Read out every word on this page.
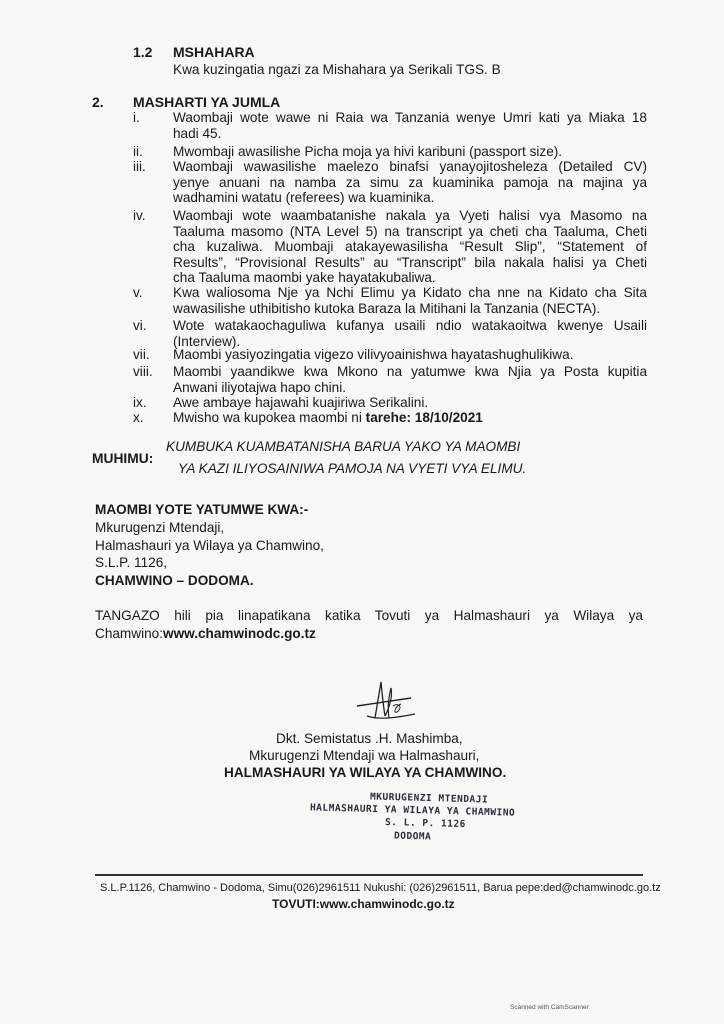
1.2 MSHAHARA
Kwa kuzingatia ngazi za Mishahara ya Serikali TGS. B
2. MASHARTI YA JUMLA
i.	Waombaji wote wawe ni Raia wa Tanzania wenye Umri kati ya Miaka 18
hadi 45.
ii.	Mwombaji awasilishe Picha moja ya hivi karibuni (passport size).
iii.	Waombaji wawasilishe maelezo binafsi yanayojitosheleza (Detailed CV)
yenye anuani na namba za simu za kuaminika pamoja na majina ya
wadhamini watatu (referees) wa kuaminika.
iv.	Waombaji wote waambatanishe nakala ya Vyeti halisi vya Masomo na
Taaluma masomo (NTA Level 5) na transcript ya cheti cha Taaluma, Cheti
cha kuzaliwa. Muombaji atakayewasilisha “Result Slip”, “Statement of
Results”, “Provisional Results” au “Transcript” bila nakala halisi ya Cheti
cha Taaluma maombi yake hayatakubaliwa.
v.	Kwa waliosoma Nje ya Nchi Elimu ya Kidato cha nne na Kidato cha Sita
wawasilishe uthibitisho kutoka Baraza la Mitihani la Tanzania (NECTA).
vi.	Wote watakaochaguliwa kufanya usaili ndio watakaoitwa kwenye Usaili
(Interview).
vii.	Maombi yasiyozingatia vigezo vilivyoainishwa hayatashughulikiwa.
viii.	Maombi yaandikwe kwa Mkono na yatumwe kwa Njia ya Posta kupitia
Anwani iliyotajwa hapo chini.
ix.	Awe ambaye hajawahi kuajiriwa Serikalini.
x.	Mwisho wa kupokea maombi ni tarehe: 18/10/2021
MUHIMU:
KUMBUKA KUAMBATANISHA BARUA YAKO YA MAOMBI
YA KAZI ILIYOSAINIWA PAMOJA NA VYETI VYA ELIMU.
MAOMBI YOTE YATUMWE KWA:-
Mkurugenzi Mtendaji,
Halmashauri ya Wilaya ya Chamwino,
S.L.P. 1126,
CHAMWINO – DODOMA.
TANGAZO hili pia linapatikana katika Tovuti ya Halmashauri ya Wilaya ya
Chamwino:www.chamwinodc.go.tz
Dkt. Semistatus .H. Mashimba,
Mkurugenzi Mtendaji wa Halmashauri,
HALMASHAURI YA WILAYA YA CHAMWINO.
MKURUGENZI MTENDAJI
HALMASHAURI YA WILAYA YA CHAMWINO
S. L. P. 1126
DODOMA
S.L.P.1126, Chamwino - Dodoma, Simu(026)2961511 Nukushi: (026)2961511, Barua pepe:ded@chamwinodc.go.tz
TOVUTI:www.chamwinodc.go.tz
Scanned with CamScanner
